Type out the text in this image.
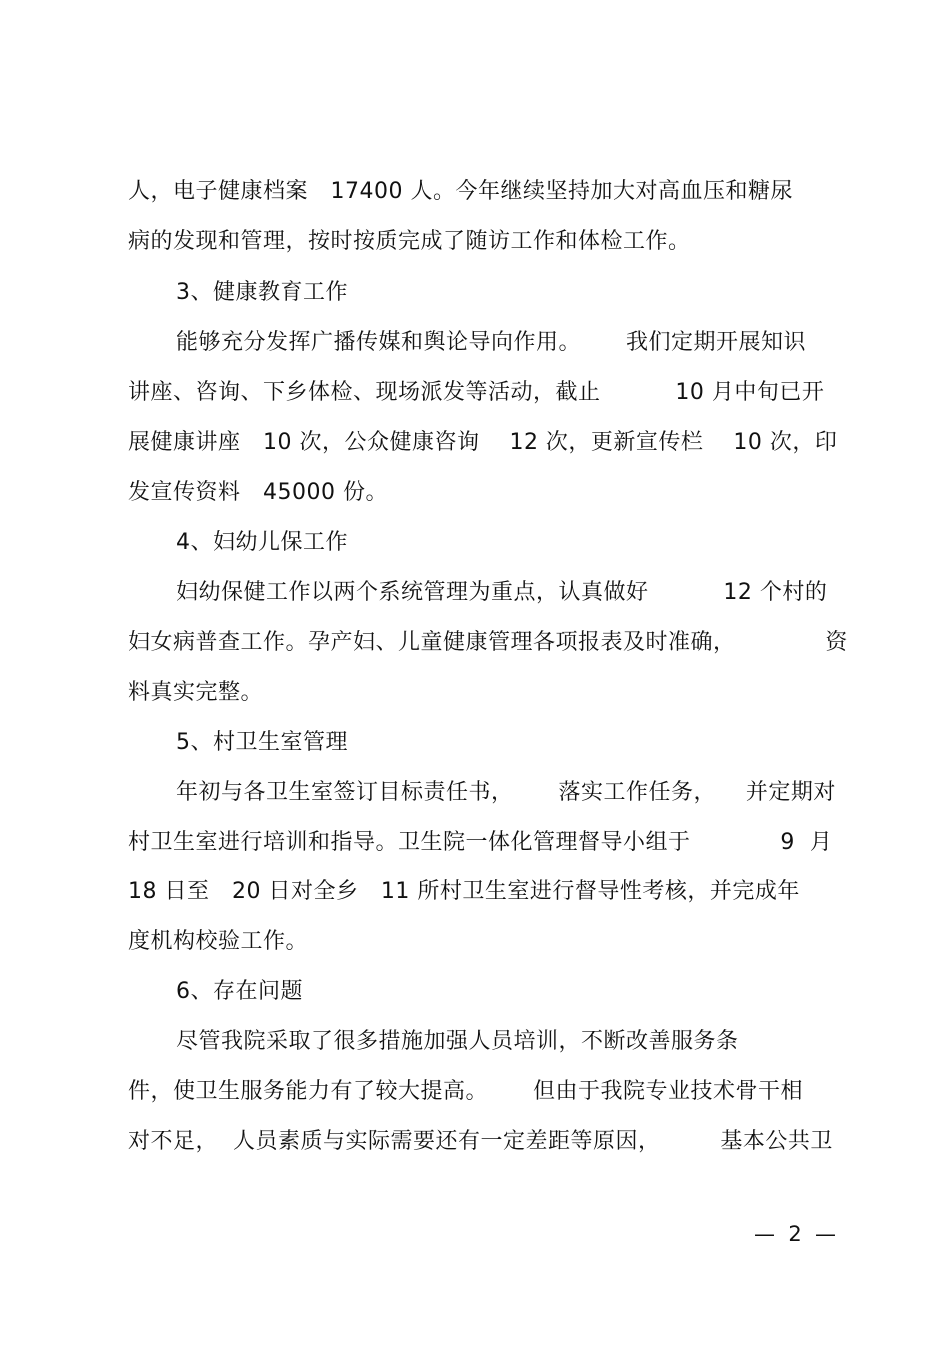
人，电子健康档案   17400 人。今年继续坚持加大对高血压和糖尿
病的发现和管理，按时按质完成了随访工作和体检工作。
3、健康教育工作
能够充分发挥广播传媒和舆论导向作用。      我们定期开展知识
讲座、咨询、下乡体检、现场派发等活动，截止          10 月中旬已开
展健康讲座   10 次，公众健康咨询    12 次，更新宣传栏    10 次，印
发宣传资料   45000 份。
4、妇幼儿保工作
妇幼保健工作以两个系统管理为重点，认真做好          12 个村的
妇女病普查工作。孕产妇、儿童健康管理各项报表及时准确，            资
料真实完整。
5、村卫生室管理
年初与各卫生室签订目标责任书，      落实工作任务，    并定期对
村卫生室进行培训和指导。卫生院一体化管理督导小组于            9  月
18 日至   20 日对全乡   11 所村卫生室进行督导性考核，并完成年
度机构校验工作。
6、存在问题
尽管我院采取了很多措施加强人员培训，不断改善服务条
件，使卫生服务能力有了较大提高。      但由于我院专业技术骨干相
对不足，  人员素质与实际需要还有一定差距等原因，        基本公共卫
—  2  —
